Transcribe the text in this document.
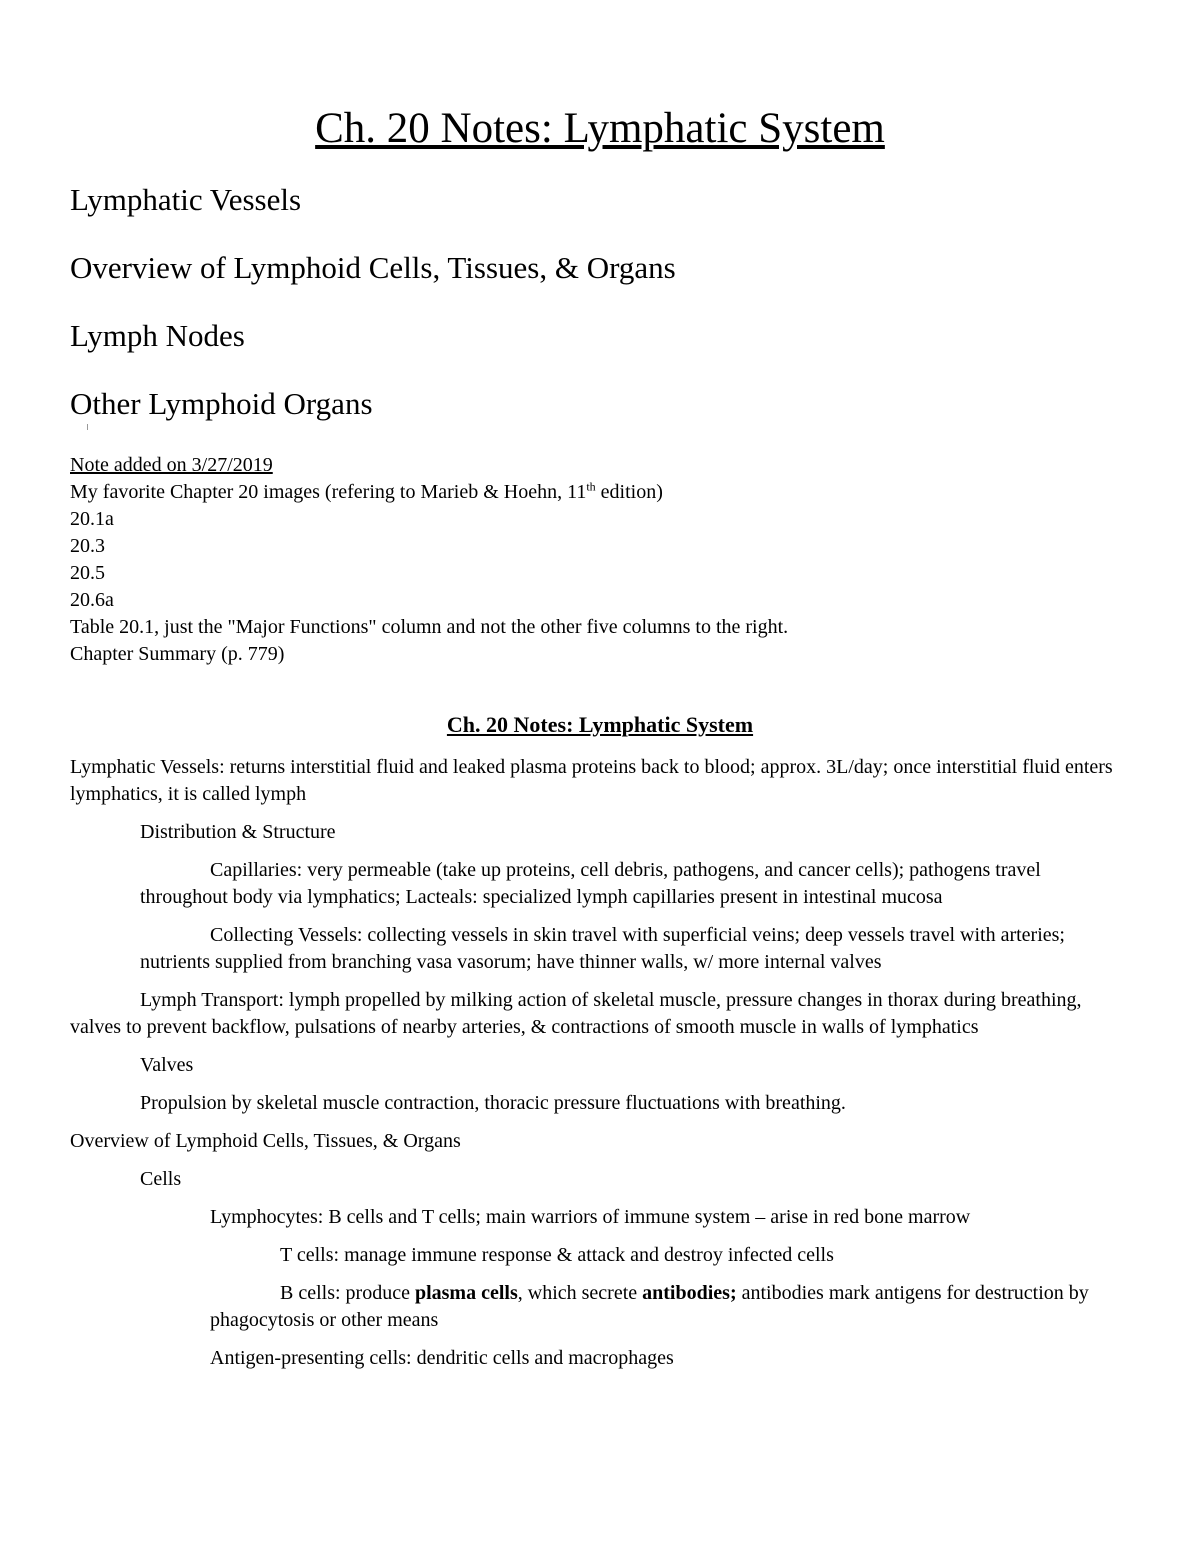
Ch. 20 Notes: Lymphatic System

Lymphatic Vessels

Overview of Lymphoid Cells, Tissues, & Organs

Lymph Nodes

Other Lymphoid Organs

Note added on 3/27/2019

My favorite Chapter 20 images (refering to Marieb & Hoehn, 11th edition)

20.1a

20.3

20.5

20.6a

Table 20.1, just the "Major Functions" column and not the other five columns to the right.

Chapter Summary (p. 779)

Ch. 20 Notes: Lymphatic System

Lymphatic Vessels: returns interstitial fluid and leaked plasma proteins back to blood; approx. 3L/day; once interstitial fluid enters lymphatics, it is called lymph

Distribution & Structure

Capillaries: very permeable (take up proteins, cell debris, pathogens, and cancer cells); pathogens travel throughout body via lymphatics; Lacteals: specialized lymph capillaries present in intestinal mucosa

Collecting Vessels: collecting vessels in skin travel with superficial veins; deep vessels travel with arteries; nutrients supplied from branching vasa vasorum; have thinner walls, w/ more internal valves

Lymph Transport: lymph propelled by milking action of skeletal muscle, pressure changes in thorax during breathing, valves to prevent backflow, pulsations of nearby arteries, & contractions of smooth muscle in walls of lymphatics

Valves

Propulsion by skeletal muscle contraction, thoracic pressure fluctuations with breathing.

Overview of Lymphoid Cells, Tissues, & Organs

Cells

Lymphocytes: B cells and T cells; main warriors of immune system – arise in red bone marrow

T cells: manage immune response & attack and destroy infected cells

B cells: produce plasma cells, which secrete antibodies; antibodies mark antigens for destruction by phagocytosis or other means

Antigen-presenting cells: dendritic cells and macrophages
